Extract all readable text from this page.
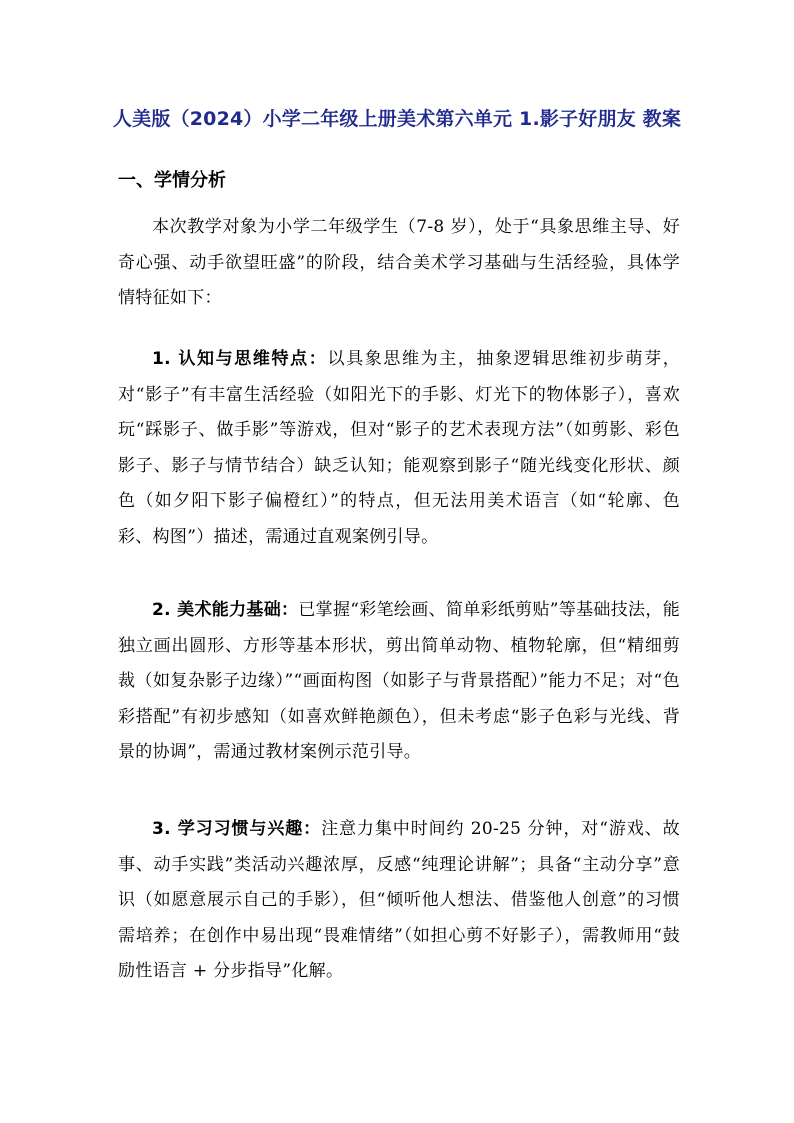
人美版（2024）小学二年级上册美术第六单元 1.影子好朋友 教案
一、学情分析

本次教学对象为小学二年级学生（7-8 岁），处于“具象思维主导、好奇心强、动手欲望旺盛”的阶段，结合美术学习基础与生活经验，具体学情特征如下：

1. 认知与思维特点：以具象思维为主，抽象逻辑思维初步萌芽，对“影子”有丰富生活经验（如阳光下的手影、灯光下的物体影子），喜欢玩“踩影子、做手影”等游戏，但对“影子的艺术表现方法”（如剪影、彩色影子、影子与情节结合）缺乏认知；能观察到影子“随光线变化形状、颜色（如夕阳下影子偏橙红）”的特点，但无法用美术语言（如“轮廓、色彩、构图”）描述，需通过直观案例引导。

2. 美术能力基础：已掌握“彩笔绘画、简单彩纸剪贴”等基础技法，能独立画出圆形、方形等基本形状，剪出简单动物、植物轮廓，但“精细剪裁（如复杂影子边缘）”“画面构图（如影子与背景搭配）”能力不足；对“色彩搭配”有初步感知（如喜欢鲜艳颜色），但未考虑“影子色彩与光线、背景的协调”，需通过教材案例示范引导。

3. 学习习惯与兴趣：注意力集中时间约 20-25 分钟，对“游戏、故事、动手实践”类活动兴趣浓厚，反感“纯理论讲解”；具备“主动分享”意识（如愿意展示自己的手影），但“倾听他人想法、借鉴他人创意”的习惯需培养；在创作中易出现“畏难情绪”（如担心剪不好影子），需教师用“鼓励性语言 + 分步指导”化解。
